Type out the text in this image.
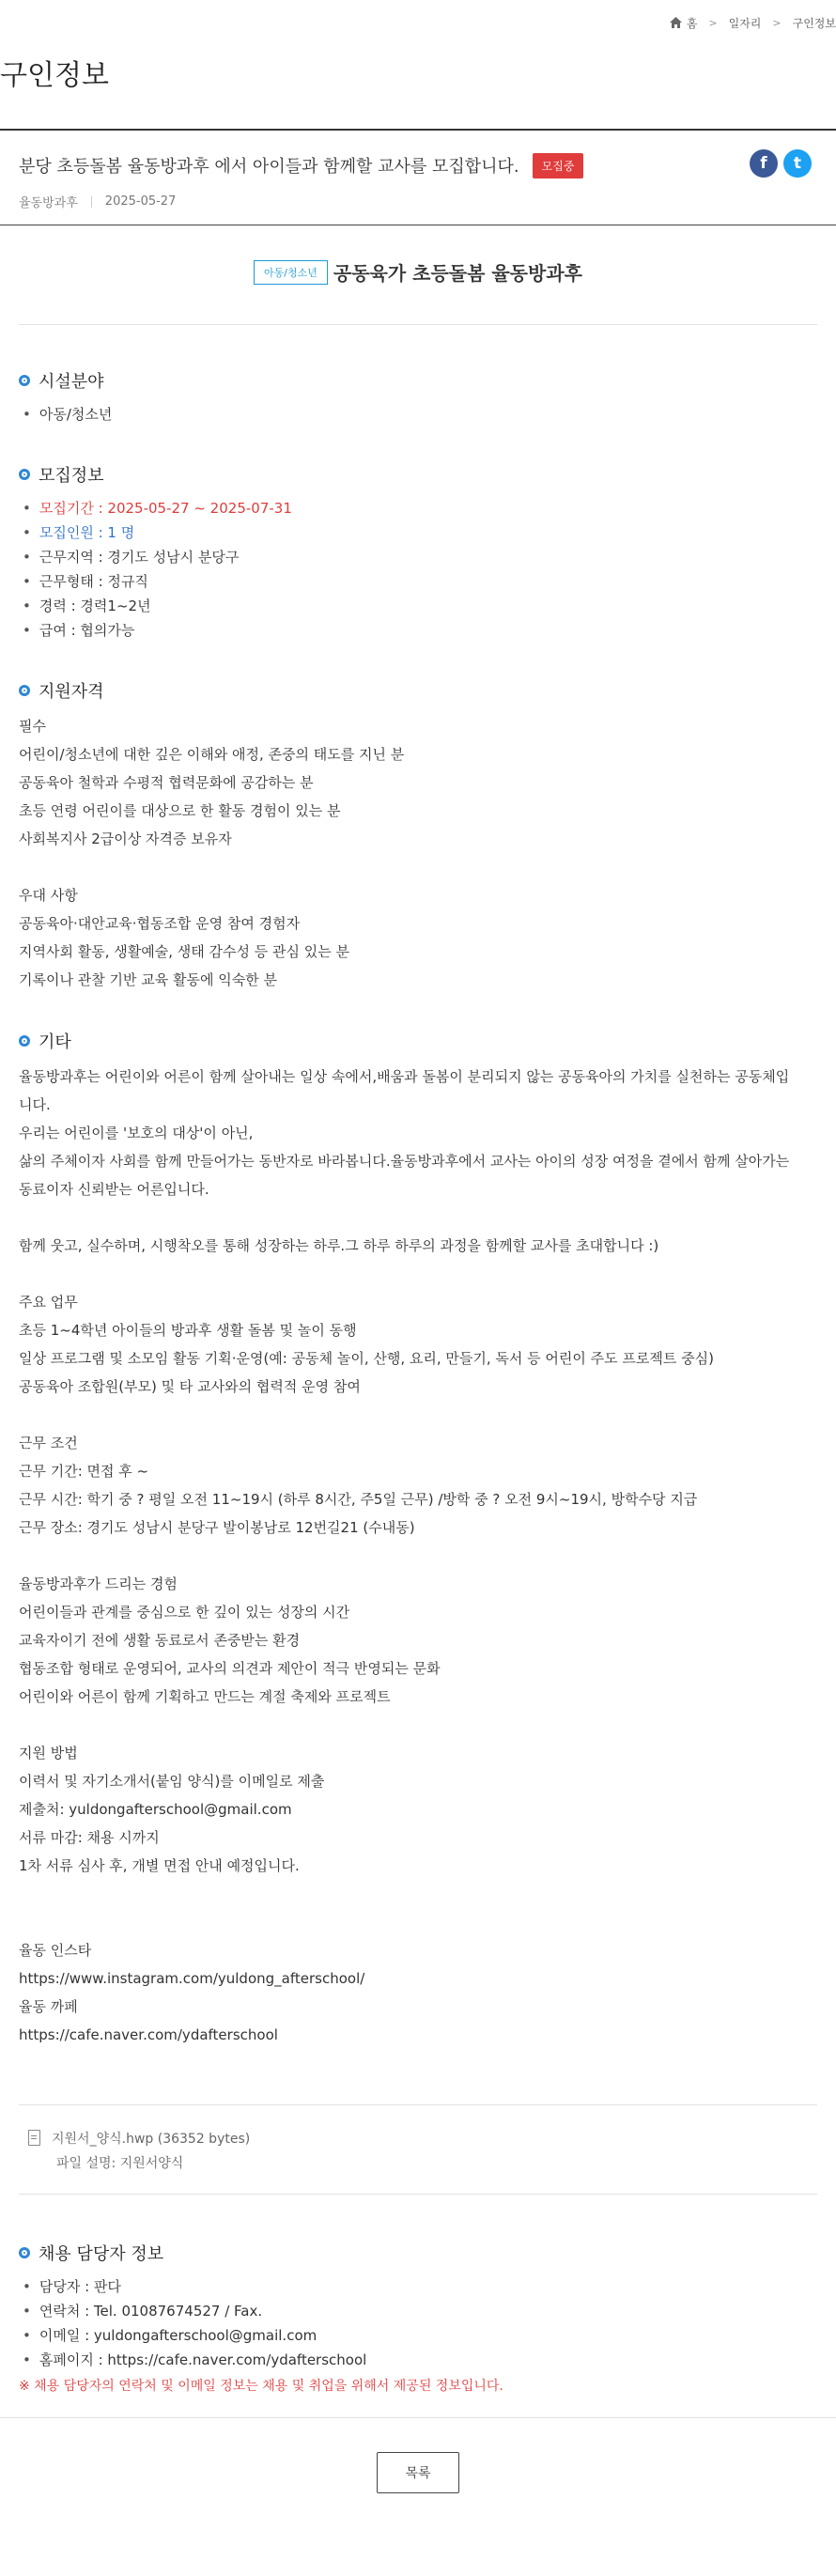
홈 > 일자리 > 구인정보
구인정보
분당 초등돌봄 율동방과후 에서 아이들과 함께할 교사를 모집합니다. 모집중	f	t
율동방과후 2025-05-27
아동/청소년 공동육가 초등돌봄 율동방과후
시설분야
• 아동/청소년
모집정보
• 모집기간 : 2025-05-27 ~ 2025-07-31
• 모집인원 : 1 명
• 근무지역 : 경기도 성남시 분당구
• 근무형태 : 정규직
• 경력 : 경력1~2년
• 급여 : 협의가능
지원자격
필수
어린이/청소년에 대한 깊은 이해와 애정, 존중의 태도를 지닌 분
공동육아 철학과 수평적 협력문화에 공감하는 분
초등 연령 어린이를 대상으로 한 활동 경험이 있는 분
사회복지사 2급이상 자격증 보유자
우대 사항
공동육아·대안교육·협동조합 운영 참여 경험자
지역사회 활동, 생활예술, 생태 감수성 등 관심 있는 분
기록이나 관찰 기반 교육 활동에 익숙한 분
기타
율동방과후는 어린이와 어른이 함께 살아내는 일상 속에서,배움과 돌봄이 분리되지 않는 공동육아의 가치를 실천하는 공동체입
니다.
우리는 어린이를 '보호의 대상'이 아닌,
삶의 주체이자 사회를 함께 만들어가는 동반자로 바라봅니다.율동방과후에서 교사는 아이의 성장 여정을 곁에서 함께 살아가는
동료이자 신뢰받는 어른입니다.
함께 웃고, 실수하며, 시행착오를 통해 성장하는 하루.그 하루 하루의 과정을 함께할 교사를 초대합니다 :)
주요 업무
초등 1~4학년 아이들의 방과후 생활 돌봄 및 놀이 동행
일상 프로그램 및 소모임 활동 기획·운영(예: 공동체 놀이, 산행, 요리, 만들기, 독서 등 어린이 주도 프로젝트 중심)
공동육아 조합원(부모) 및 타 교사와의 협력적 운영 참여
근무 조건
근무 기간: 면접 후 ~
근무 시간: 학기 중 ? 평일 오전 11~19시 (하루 8시간, 주5일 근무) /방학 중 ? 오전 9시~19시, 방학수당 지급
근무 장소: 경기도 성남시 분당구 발이봉남로 12번길21 (수내동)
율동방과후가 드리는 경험
어린이들과 관계를 중심으로 한 깊이 있는 성장의 시간
교육자이기 전에 생활 동료로서 존중받는 환경
협동조합 형태로 운영되어, 교사의 의견과 제안이 적극 반영되는 문화
어린이와 어른이 함께 기획하고 만드는 계절 축제와 프로젝트
지원 방법
이력서 및 자기소개서(붙임 양식)를 이메일로 제출
제출처: yuldongafterschool@gmail.com
서류 마감: 채용 시까지
1차 서류 심사 후, 개별 면접 안내 예정입니다.
율동 인스타
https://www.instagram.com/yuldong_afterschool/
율동 까페
https://cafe.naver.com/ydafterschool
지원서_양식.hwp (36352 bytes)
파일 설명: 지원서양식
채용 담당자 정보
• 담당자 : 판다
• 연락처 : Tel. 01087674527 / Fax.
• 이메일 : yuldongafterschool@gmail.com
• 홈페이지 : https://cafe.naver.com/ydafterschool
※ 채용 담당자의 연락처 및 이메일 정보는 채용 및 취업을 위해서 제공된 정보입니다.
목록
